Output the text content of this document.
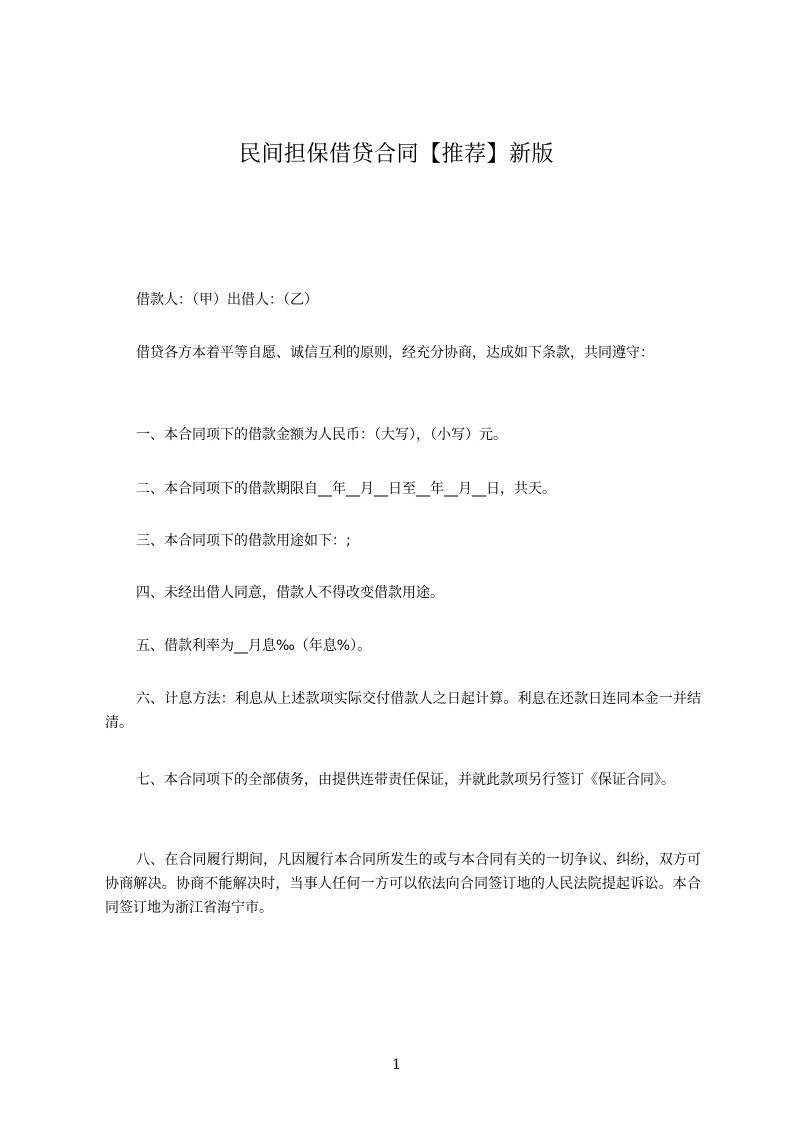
民间担保借贷合同【推荐】新版

借款人：（甲）出借人：（乙）

借贷各方本着平等自愿、诚信互利的原则，经充分协商，达成如下条款，共同遵守：

一、本合同项下的借款金额为人民币：（大写），（小写）元。

二、本合同项下的借款期限自__年__月__日至__年__月__日，共天。

三、本合同项下的借款用途如下：;

四、未经出借人同意，借款人不得改变借款用途。

五、借款利率为__月息‰（年息%）。

六、计息方法：利息从上述款项实际交付借款人之日起计算。利息在还款日连同本金一并结清。

七、本合同项下的全部债务，由提供连带责任保证，并就此款项另行签订《保证合同》。

八、在合同履行期间，凡因履行本合同所发生的或与本合同有关的一切争议、纠纷，双方可协商解决。协商不能解决时，当事人任何一方可以依法向合同签订地的人民法院提起诉讼。本合同签订地为浙江省海宁市。

1
